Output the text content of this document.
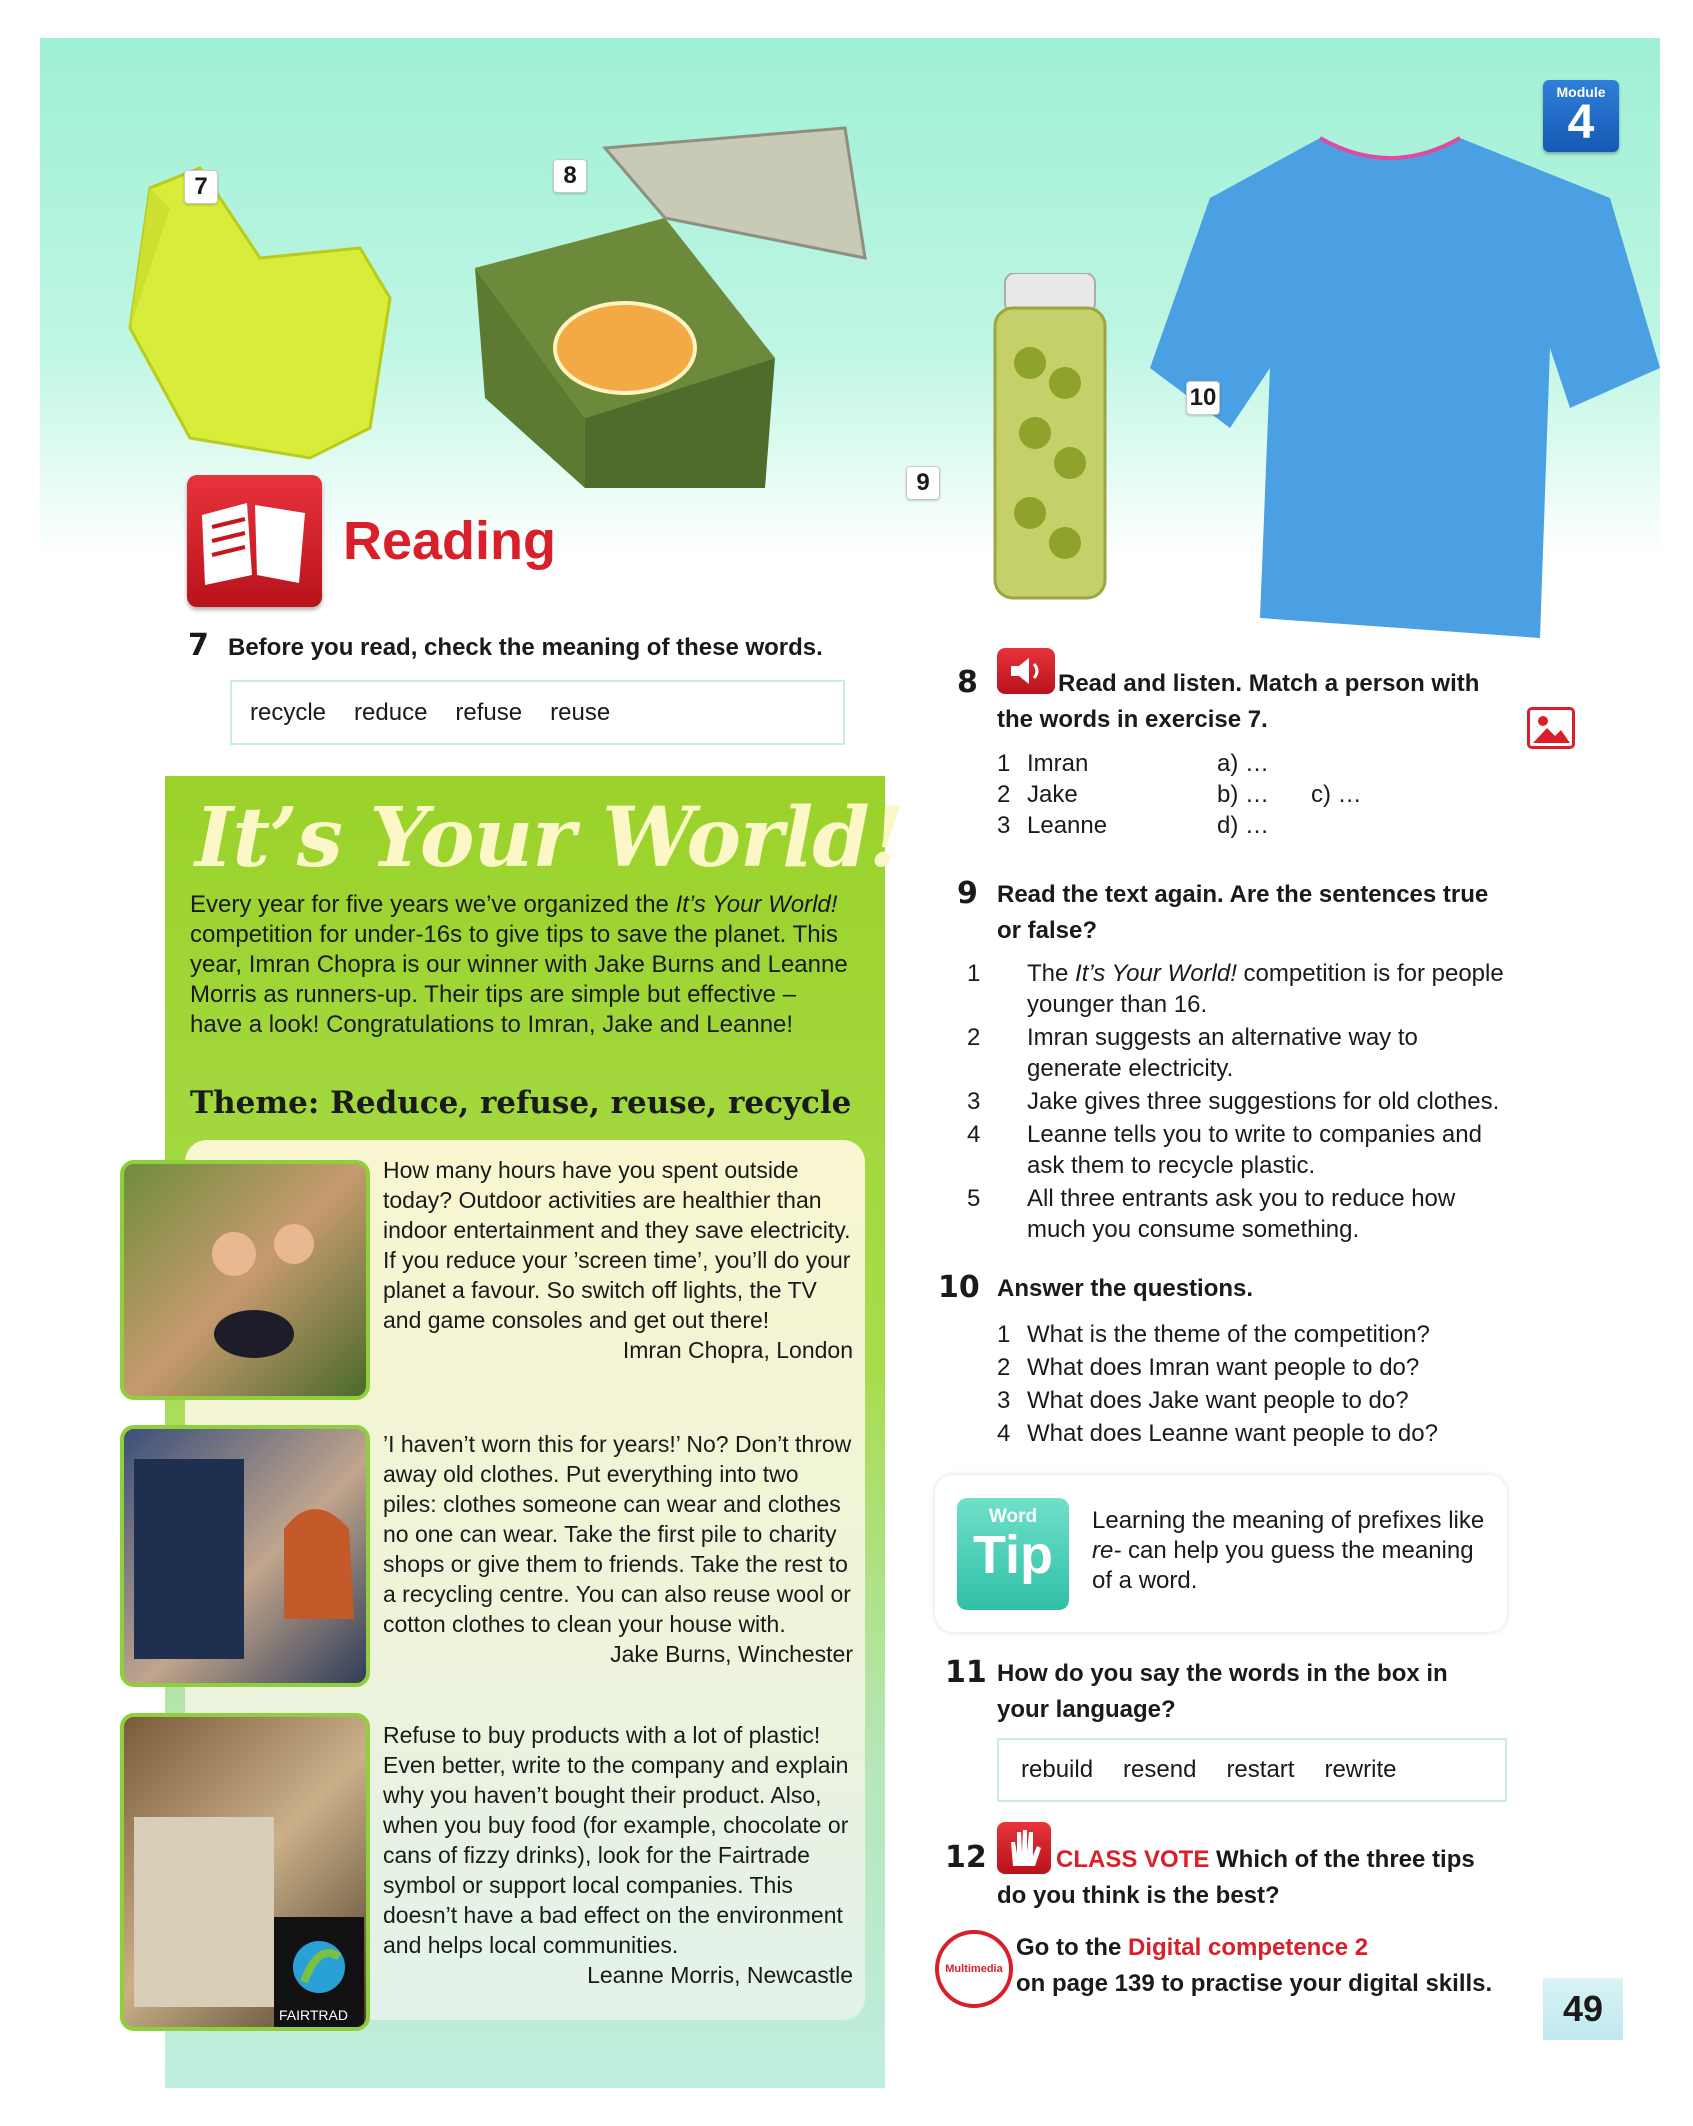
7	8
9
10
Module
4
Reading
7 Before you read, check the meaning of these words.
recycle reduce refuse reuse
It’s Your World!
Every year for five years we’ve organized the It’s Your World! competition for under-16s to give tips to save the planet. This year, Imran Chopra is our winner with Jake Burns and Leanne Morris as runners-up. Their tips are simple but effective – have a look! Congratulations to Imran, Jake and Leanne!
Theme: Reduce, refuse, reuse, recycle
How many hours have you spent outside today? Outdoor activities are healthier than indoor entertainment and they save electricity. If you reduce your ’screen time’, you’ll do your planet a favour. So switch off lights, the TV and game consoles and get out there!
Imran Chopra, London
’I haven’t worn this for years!’ No? Don’t throw away old clothes. Put everything into two piles: clothes someone can wear and clothes no one can wear. Take the first pile to charity shops or give them to friends. Take the rest to a recycling centre. You can also reuse wool or cotton clothes to clean your house with.
Jake Burns, Winchester
FAIRTRAD
Refuse to buy products with a lot of plastic! Even better, write to the company and explain why you haven’t bought their product. Also, when you buy food (for example, chocolate or cans of fizzy drinks), look for the Fairtrade symbol or support local companies. This doesn’t have a bad effect on the environment and helps local communities.
Leanne Morris, Newcastle
8	Read and listen. Match a person with
the words in exercise 7.
1 Imran	a) …
2 Jake	b) … c) …
3 Leanne	d) …
9 Read the text again. Are the sentences true or false?
1 The It’s Your World! competition is for people younger than 16.
2 Imran suggests an alternative way to generate electricity.
3 Jake gives three suggestions for old clothes.
4 Leanne tells you to write to companies and ask them to recycle plastic.
5 All three entrants ask you to reduce how much you consume something.
10 Answer the questions.
1 What is the theme of the competition?
2 What does Imran want people to do?
3 What does Jake want people to do?
4 What does Leanne want people to do?
Word
Tip
Learning the meaning of prefixes like re- can help you guess the meaning of a word.
11 How do you say the words in the box in your language?
rebuild resend restart rewrite
12	CLASS VOTE Which of the three tips
do you think is the best?
Multimedia
Go to the Digital competence 2
on page 139 to practise your digital skills.
49
